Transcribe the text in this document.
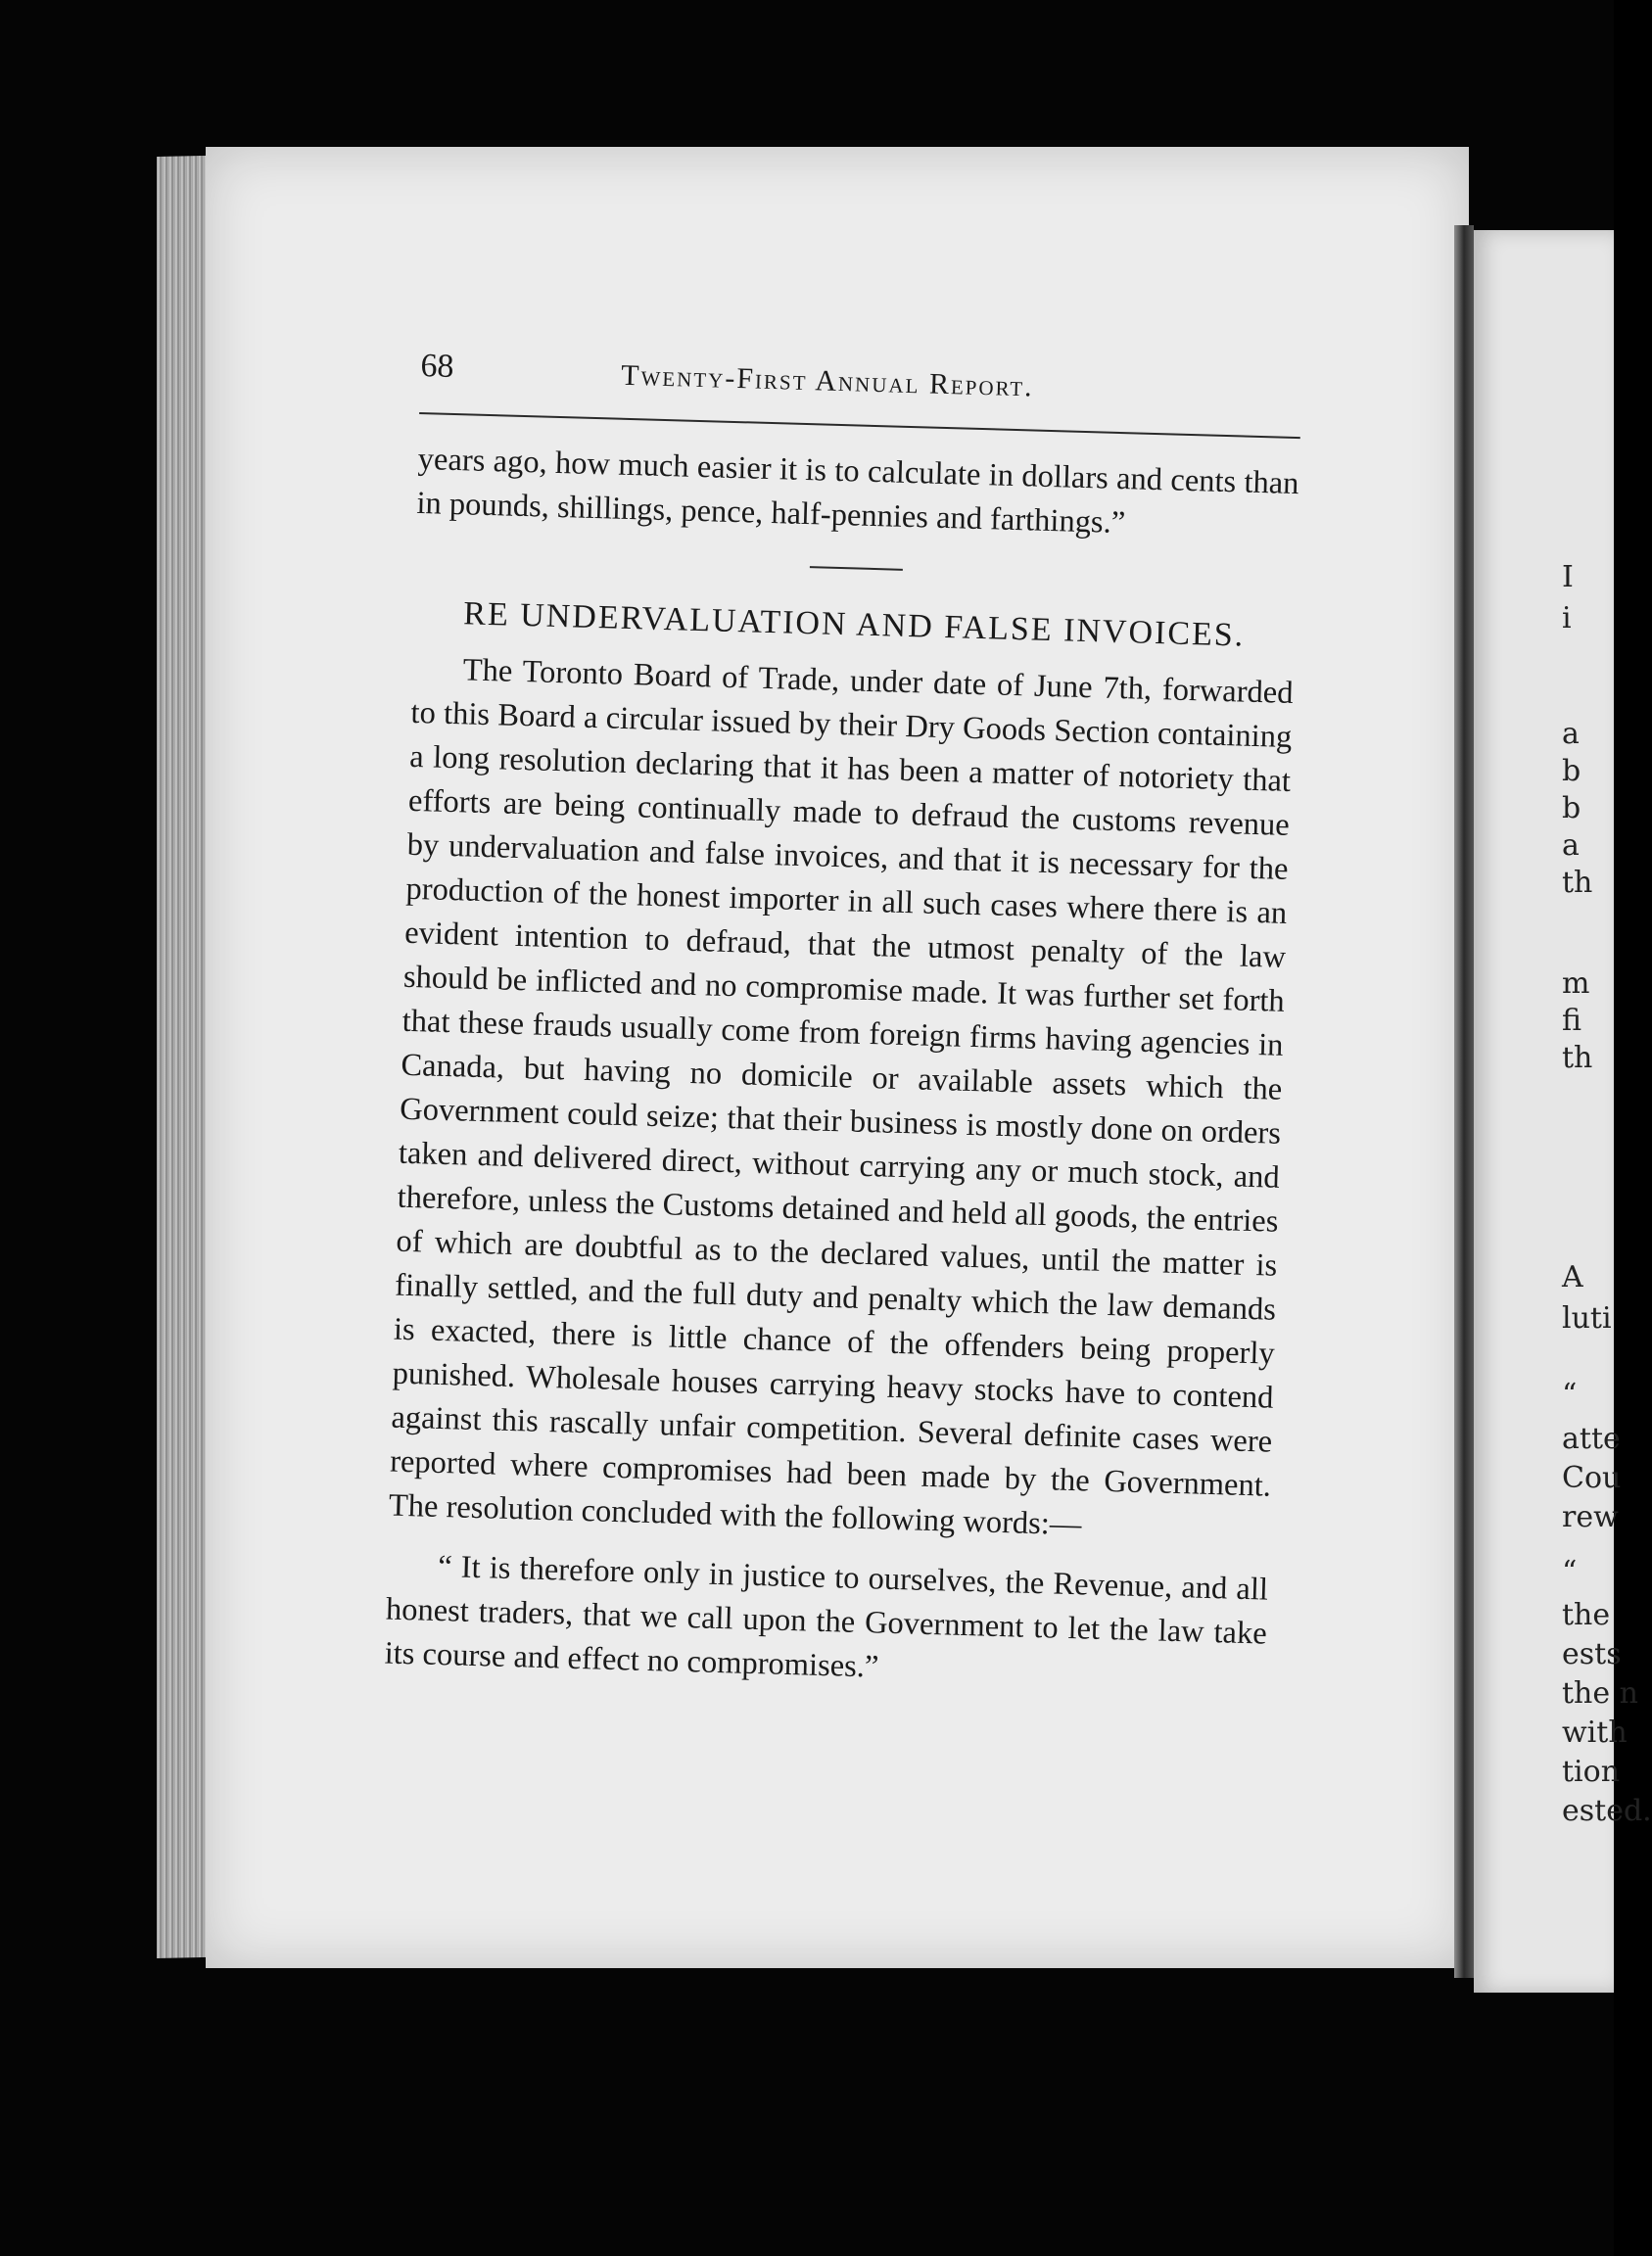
I

i

a

b

b

a

th

m

fi

th

A

luti

“

atte

Cou

rew

“

the

ests

the n

with

tion

ested.

68	Twenty-First Annual Report.

years ago, how much easier it is to calculate in dollars and cents than in pounds, shillings, pence, half-pennies and farthings.”

RE UNDERVALUATION AND FALSE INVOICES.

The Toronto Board of Trade, under date of June 7th, forwarded to this Board a circular issued by their Dry Goods Section containing a long resolution declaring that it has been a matter of notoriety that efforts are being continually made to defraud the customs revenue by undervaluation and false invoices, and that it is necessary for the production of the honest importer in all such cases where there is an evident intention to defraud, that the utmost penalty of the law should be inflicted and no compromise made. It was further set forth that these frauds usually come from foreign firms having agencies in Canada, but having no domicile or available assets which the Government could seize; that their business is mostly done on orders taken and delivered direct, without carrying any or much stock, and therefore, unless the Customs detained and held all goods, the entries of which are doubtful as to the declared values, until the matter is finally settled, and the full duty and penalty which the law demands is exacted, there is little chance of the offenders being properly punished. Wholesale houses carrying heavy stocks have to contend against this rascally unfair competition. Several definite cases were reported where compromises had been made by the Government. The resolution concluded with the following words:—

“ It is therefore only in justice to ourselves, the Revenue, and all honest traders, that we call upon the Government to let the law take its course and effect no compromises.”
